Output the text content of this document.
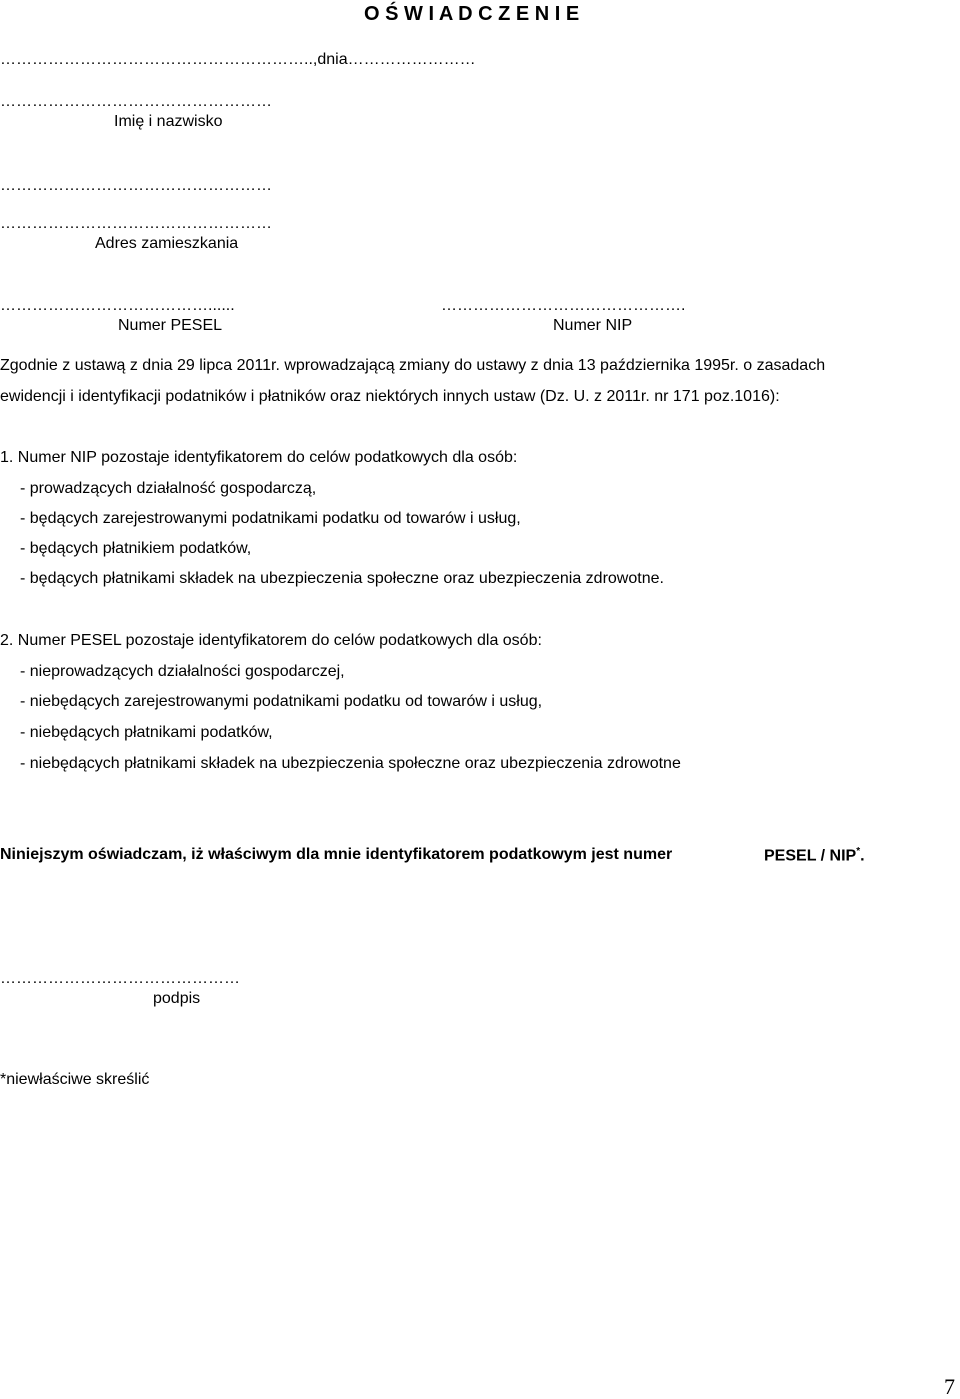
O Ś W I A D C Z E N I E
…………………………………………………..,dnia……………………
……………………………………………
Imię i nazwisko
……………………………………………
……………………………………………
Adres zamieszkania
…………………………………......	……………………………………….
Numer PESEL	Numer NIP
Zgodnie z ustawą z dnia 29 lipca 2011r. wprowadzającą zmiany do ustawy z dnia 13 października 1995r. o zasadach
ewidencji i identyfikacji podatników i płatników oraz niektórych innych ustaw (Dz. U. z 2011r. nr 171 poz.1016):
1. Numer NIP pozostaje identyfikatorem do celów podatkowych dla osób:
- prowadzących działalność gospodarczą,
- będących zarejestrowanymi podatnikami podatku od towarów i usług,
- będących płatnikiem podatków,
- będących płatnikami składek na ubezpieczenia społeczne oraz ubezpieczenia zdrowotne.
2. Numer PESEL pozostaje identyfikatorem do celów podatkowych dla osób:
- nieprowadzących działalności gospodarczej,
- niebędących zarejestrowanymi podatnikami podatku od towarów i usług,
- niebędących płatnikami podatków,
- niebędących płatnikami składek na ubezpieczenia społeczne oraz ubezpieczenia zdrowotne
Niniejszym oświadczam, iż właściwym dla mnie identyfikatorem podatkowym jest numer	PESEL / NIP*.
………………………………………
podpis
*niewłaściwe skreślić
7
